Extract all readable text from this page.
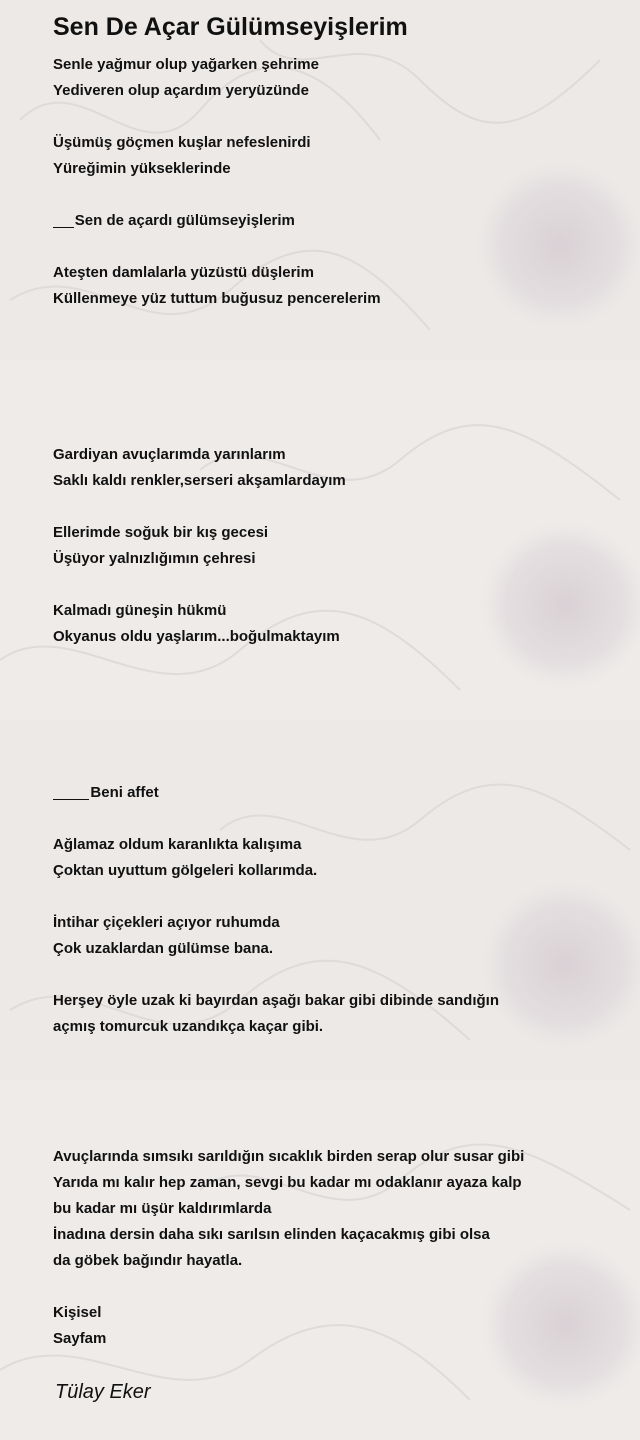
Sen De Açar Gülümseyişlerim
Senle yağmur olup yağarken şehrime
Yediveren olup açardım yeryüzünde
Üşümüş göçmen kuşlar nefeslenirdi
Yüreğimin yükseklerinde
Sen de açardı gülümseyişlerim
Ateşten damlalarla yüzüstü düşlerim
Küllenmeye yüz tuttum buğusuz pencerelerim
Gardiyan avuçlarımda yarınlarım
Saklı kaldı renkler,serseri akşamlardayım
Ellerimde soğuk bir kış gecesi
Üşüyor yalnızlığımın çehresi
Kalmadı güneşin hükmü
Okyanus oldu yaşlarım...boğulmaktayım
Beni affet
Ağlamaz oldum karanlıkta kalışıma
Çoktan uyuttum gölgeleri kollarımda.
İntihar çiçekleri açıyor ruhumda
Çok uzaklardan gülümse bana.
Herşey öyle uzak ki bayırdan aşağı bakar gibi dibinde sandığın
açmış tomurcuk uzandıkça kaçar gibi.
Avuçlarında sımsıkı sarıldığın sıcaklık birden serap olur susar gibi
Yarıda mı kalır hep zaman, sevgi bu kadar mı odaklanır ayaza kalp
bu kadar mı üşür kaldırımlarda
İnadına dersin daha sıkı sarılsın elinden kaçacakmış gibi olsa
da göbek bağındır hayatla.
Kişisel
Sayfam
Tülay Eker
